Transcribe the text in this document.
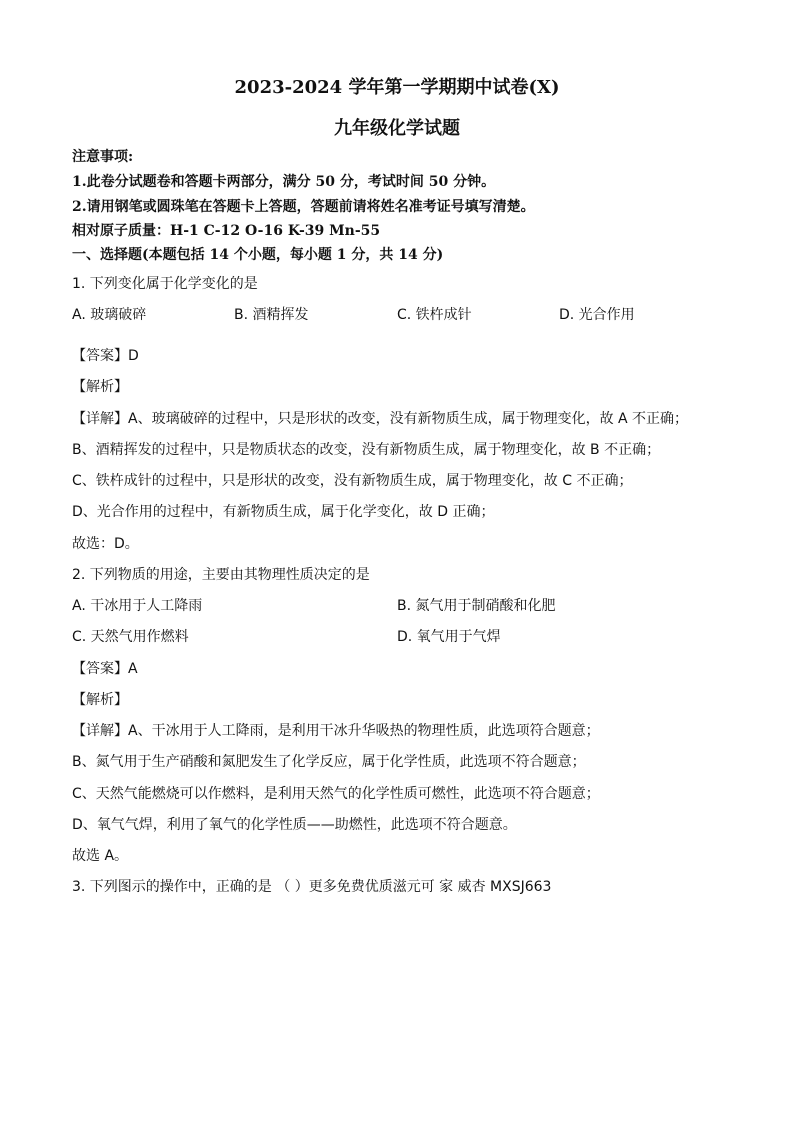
2023-2024 学年第一学期期中试卷(X)
九年级化学试题
注意事项:
1.此卷分试题卷和答题卡两部分，满分 50 分，考试时间 50 分钟。
2.请用钢笔或圆珠笔在答题卡上答题，答题前请将姓名准考证号填写清楚。
相对原子质量：H-1 C-12 O-16 K-39 Mn-55
一、选择题(本题包括 14 个小题，每小题 1 分，共 14 分)
1. 下列变化属于化学变化的是
A. 玻璃破碎	B. 酒精挥发	C. 铁杵成针	D. 光合作用
【答案】D
【解析】
【详解】A、玻璃破碎的过程中，只是形状的改变，没有新物质生成，属于物理变化，故 A 不正确；
B、酒精挥发的过程中，只是物质状态的改变，没有新物质生成，属于物理变化，故 B 不正确；
C、铁杵成针的过程中，只是形状的改变，没有新物质生成，属于物理变化，故 C 不正确；
D、光合作用的过程中，有新物质生成，属于化学变化，故 D 正确；
故选：D。
2. 下列物质的用途，主要由其物理性质决定的是
A. 干冰用于人工降雨	B. 氮气用于制硝酸和化肥
C. 天然气用作燃料	D. 氧气用于气焊
【答案】A
【解析】
【详解】A、干冰用于人工降雨，是利用干冰升华吸热的物理性质，此选项符合题意；
B、氮气用于生产硝酸和氮肥发生了化学反应，属于化学性质，此选项不符合题意；
C、天然气能燃烧可以作燃料，是利用天然气的化学性质可燃性，此选项不符合题意；
D、氧气气焊，利用了氧气的化学性质——助燃性，此选项不符合题意。
故选 A。
3. 下列图示的操作中，正确的是 （ ）更多免费优质滋元可 家 威杏 MXSJ663
